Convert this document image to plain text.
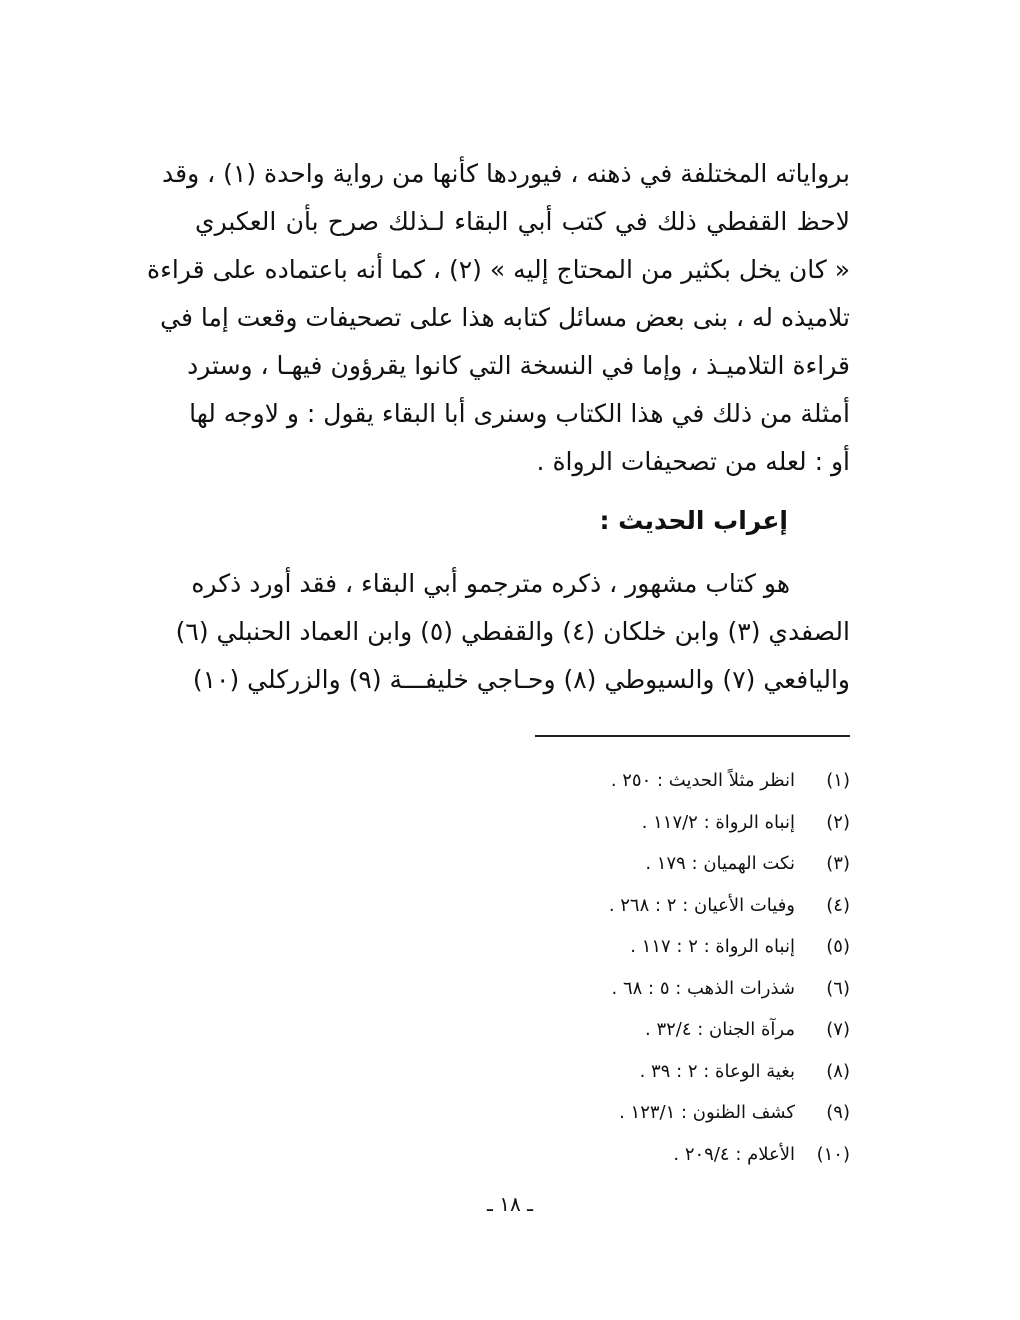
برواياته المختلفة في ذهنه ، فيوردها كأنها من رواية واحدة (١) ، وقد
لاحظ القفطي ذلك في كتب أبي البقاء لـذلك صرح بأن العكبري
« كان يخل بكثير من المحتاج إليه » (٢) ، كما أنه باعتماده على قراءة
تلاميذه له ، بنى بعض مسائل كتابه هذا على تصحيفات وقعت إما في
قراءة التلاميـذ ، وإما في النسخة التي كانوا يقرؤون فيهـا ، وسترد
أمثلة من ذلك في هذا الكتاب وسنرى أبا البقاء يقول : و لاوجه لها
أو : لعله من تصحيفات الرواة .

إعراب الحديث :

هو كتاب مشهور ، ذكره مترجمو أبي البقاء ، فقد أورد ذكره
الصفدي (٣) وابن خلكان (٤) والقفطي (٥) وابن العماد الحنبلي (٦)
واليافعي (٧) والسيوطي (٨) وحـاجي خليفـــة (٩) والزركلي (١٠)

(١)انظر مثلاً الحديث : ٢٥٠ .
(٢)إنباه الرواة : ١١٧/٢ .
(٣)نكت الهميان : ١٧٩ .
(٤)وفيات الأعيان : ٢ : ٢٦٨ .
(٥)إنباه الرواة : ٢ : ١١٧ .
(٦)شذرات الذهب : ٥ : ٦٨ .
(٧)مرآة الجنان : ٣٢/٤ .
(٨)بغية الوعاة : ٢ : ٣٩ .
(٩)كشف الظنون : ١٢٣/١ .
(١٠)الأعلام : ٢٠٩/٤ .
ـ ١٨ ـ
